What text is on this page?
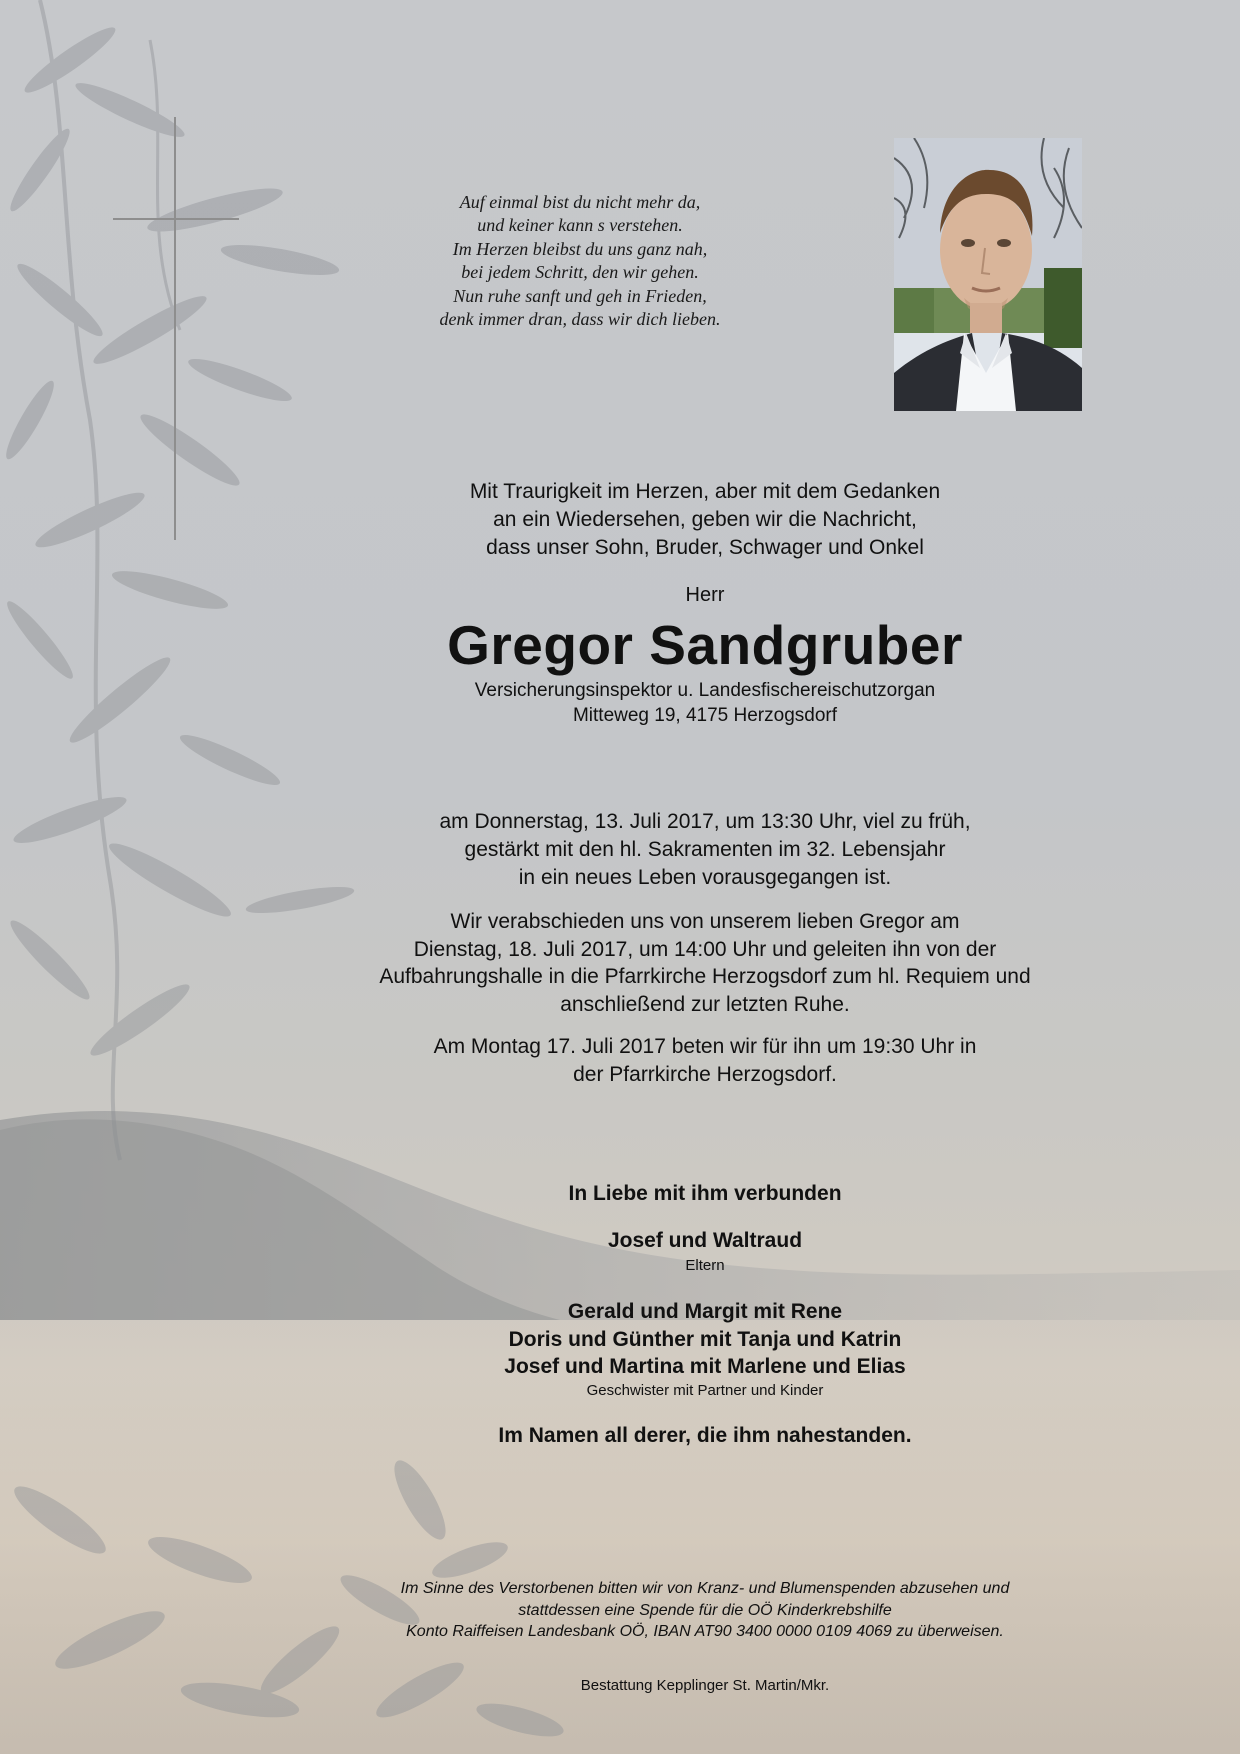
Auf einmal bist du nicht mehr da,
und keiner kann s verstehen.
Im Herzen bleibst du uns ganz nah,
bei jedem Schritt, den wir gehen.
Nun ruhe sanft und geh in Frieden,
denk immer dran, dass wir dich lieben.
Mit Traurigkeit im Herzen, aber mit dem Gedanken
an ein Wiedersehen, geben wir die Nachricht,
dass unser Sohn, Bruder, Schwager und Onkel
Herr
Gregor Sandgruber
Versicherungsinspektor u. Landesfischereischutzorgan
Mitteweg 19, 4175 Herzogsdorf
am Donnerstag, 13. Juli 2017, um 13:30 Uhr, viel zu früh,
gestärkt mit den hl. Sakramenten im 32. Lebensjahr
in ein neues Leben vorausgegangen ist.
Wir verabschieden uns von unserem lieben Gregor am
Dienstag, 18. Juli 2017, um 14:00 Uhr und geleiten ihn von der
Aufbahrungshalle in die Pfarrkirche Herzogsdorf zum hl. Requiem und
anschließend zur letzten Ruhe.
Am Montag 17. Juli 2017 beten wir für ihn um 19:30 Uhr in
der Pfarrkirche Herzogsdorf.
In Liebe mit ihm verbunden
Josef und Waltraud
Eltern
Gerald und Margit mit Rene
Doris und Günther mit Tanja und Katrin
Josef und Martina mit Marlene und Elias
Geschwister mit Partner und Kinder
Im Namen all derer, die ihm nahestanden.
Im Sinne des Verstorbenen bitten wir von Kranz- und Blumenspenden abzusehen und
stattdessen eine Spende für die OÖ Kinderkrebshilfe
Konto Raiffeisen Landesbank OÖ, IBAN AT90 3400 0000 0109 4069 zu überweisen.
Bestattung Kepplinger St. Martin/Mkr.
